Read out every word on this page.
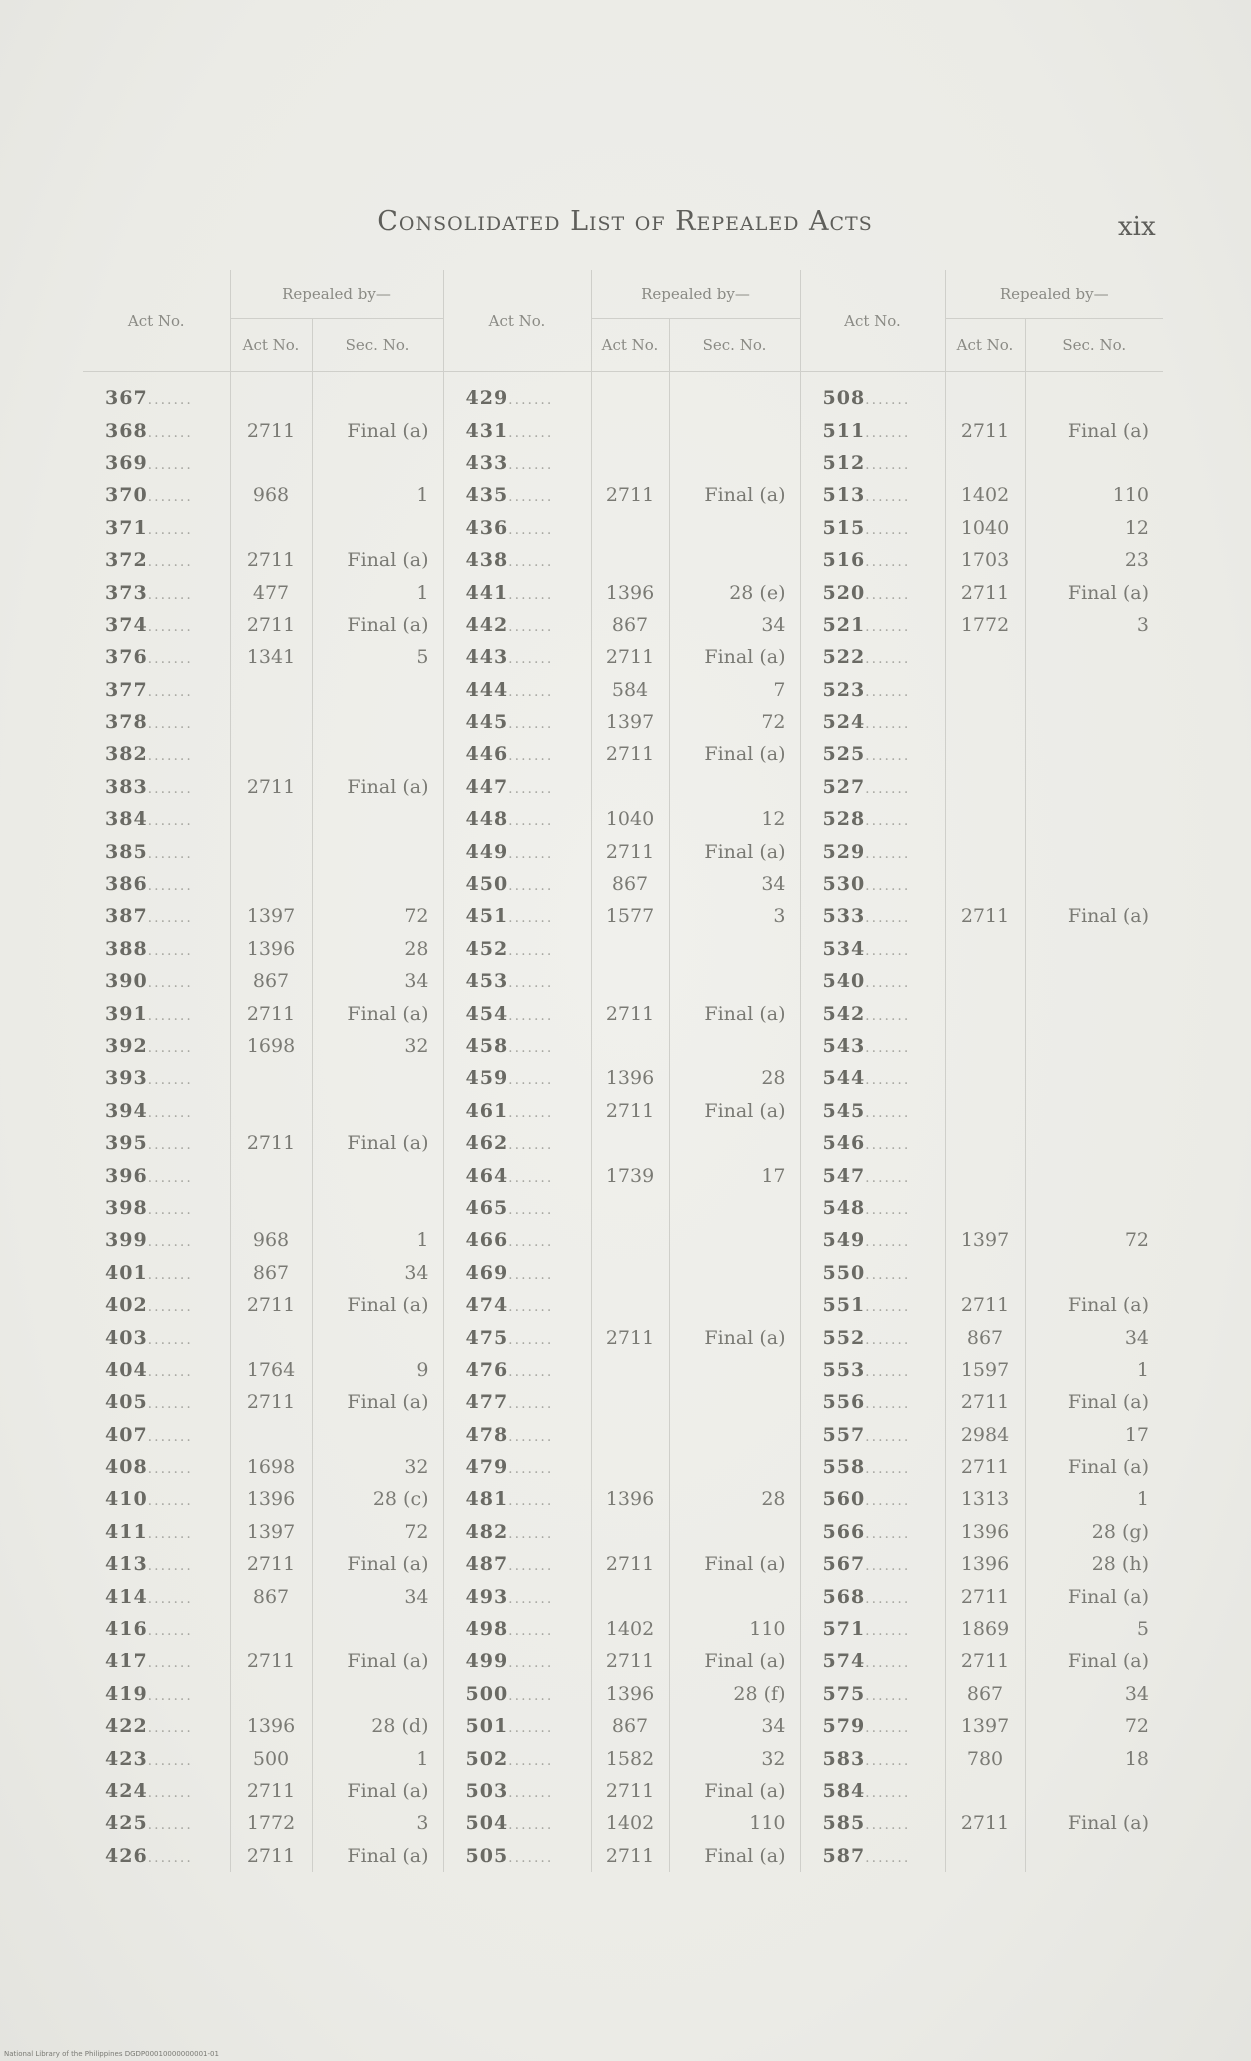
Consolidated List of Repealed Acts	xix
Act No.	Repealed by—		Act No.	Repealed by—		Act No.	Repealed by—	
	Act No.	Sec. No.		Act No.	Sec. No.		Act No.	Sec. No.
367.......			429.......			508.......		
368.......	2711	Final (a)	431.......			511.......	2711	Final (a)
369.......			433.......			512.......		
370.......	968	1	435.......	2711	Final (a)	513.......	1402	110
371.......			436.......			515.......	1040	12
372.......	2711	Final (a)	438.......			516.......	1703	23
373.......	477	1	441.......	1396	28 (e)	520.......	2711	Final (a)
374.......	2711	Final (a)	442.......	867	34	521.......	1772	3
376.......	1341	5	443.......	2711	Final (a)	522.......		
377.......			444.......	584	7	523.......		
378.......			445.......	1397	72	524.......		
382.......			446.......	2711	Final (a)	525.......		
383.......	2711	Final (a)	447.......			527.......		
384.......			448.......	1040	12	528.......		
385.......			449.......	2711	Final (a)	529.......		
386.......			450.......	867	34	530.......		
387.......	1397	72	451.......	1577	3	533.......	2711	Final (a)
388.......	1396	28	452.......			534.......		
390.......	867	34	453.......			540.......		
391.......	2711	Final (a)	454.......	2711	Final (a)	542.......		
392.......	1698	32	458.......			543.......		
393.......			459.......	1396	28	544.......		
394.......			461.......	2711	Final (a)	545.......		
395.......	2711	Final (a)	462.......			546.......		
396.......			464.......	1739	17	547.......		
398.......			465.......			548.......		
399.......	968	1	466.......			549.......	1397	72
401.......	867	34	469.......			550.......		
402.......	2711	Final (a)	474.......			551.......	2711	Final (a)
403.......			475.......	2711	Final (a)	552.......	867	34
404.......	1764	9	476.......			553.......	1597	1
405.......	2711	Final (a)	477.......			556.......	2711	Final (a)
407.......			478.......			557.......	2984	17
408.......	1698	32	479.......			558.......	2711	Final (a)
410.......	1396	28 (c)	481.......	1396	28	560.......	1313	1
411.......	1397	72	482.......			566.......	1396	28 (g)
413.......	2711	Final (a)	487.......	2711	Final (a)	567.......	1396	28 (h)
414.......	867	34	493.......			568.......	2711	Final (a)
416.......			498.......	1402	110	571.......	1869	5
417.......	2711	Final (a)	499.......	2711	Final (a)	574.......	2711	Final (a)
419.......			500.......	1396	28 (f)	575.......	867	34
422.......	1396	28 (d)	501.......	867	34	579.......	1397	72
423.......	500	1	502.......	1582	32	583.......	780	18
424.......	2711	Final (a)	503.......	2711	Final (a)	584.......		
425.......	1772	3	504.......	1402	110	585.......	2711	Final (a)
426.......	2711	Final (a)	505.......	2711	Final (a)	587.......		
National Library of the Philippines DGDP00010000000001-01
